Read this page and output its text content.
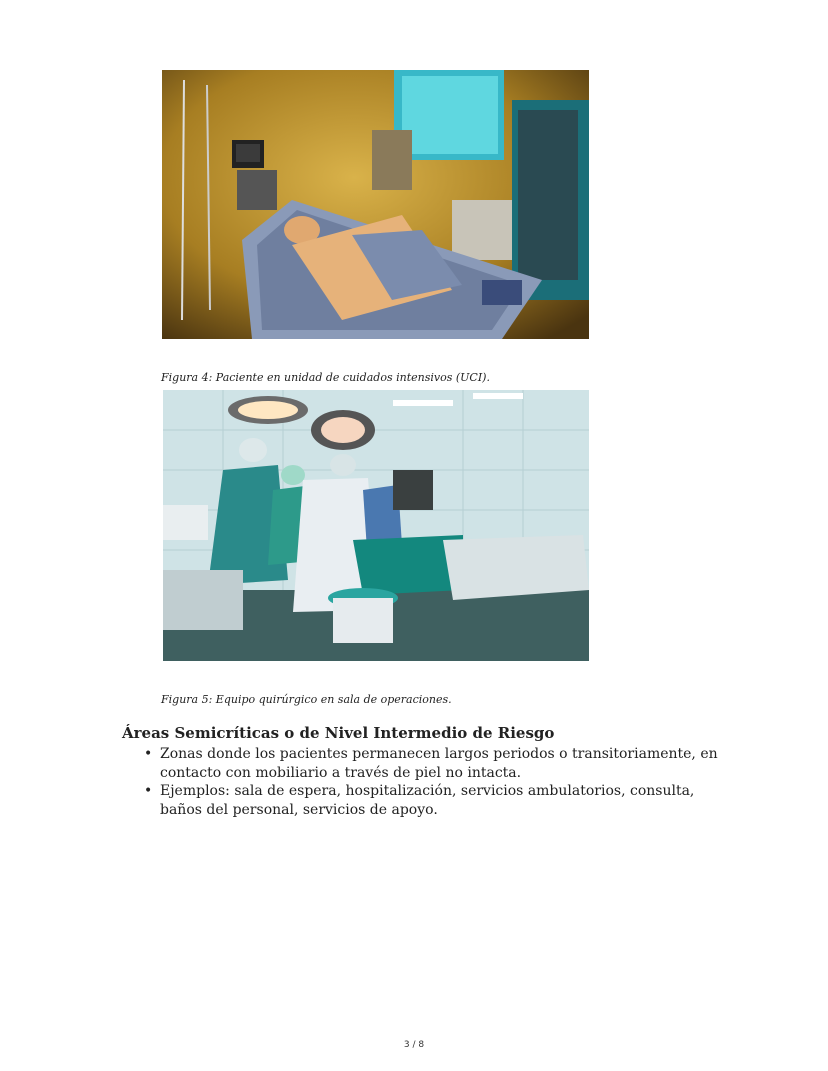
Figura 4: Paciente en unidad de cuidados intensivos (UCI).
Figura 5: Equipo quirúrgico en sala de operaciones.
Áreas Semicríticas o de Nivel Intermedio de Riesgo
• Zonas donde los pacientes permanecen largos periodos o transitoriamente, en contacto con mobiliario a través de piel no intacta.
• Ejemplos: sala de espera, hospitalización, servicios ambulatorios, consulta, baños del personal, servicios de apoyo.
3 / 8
